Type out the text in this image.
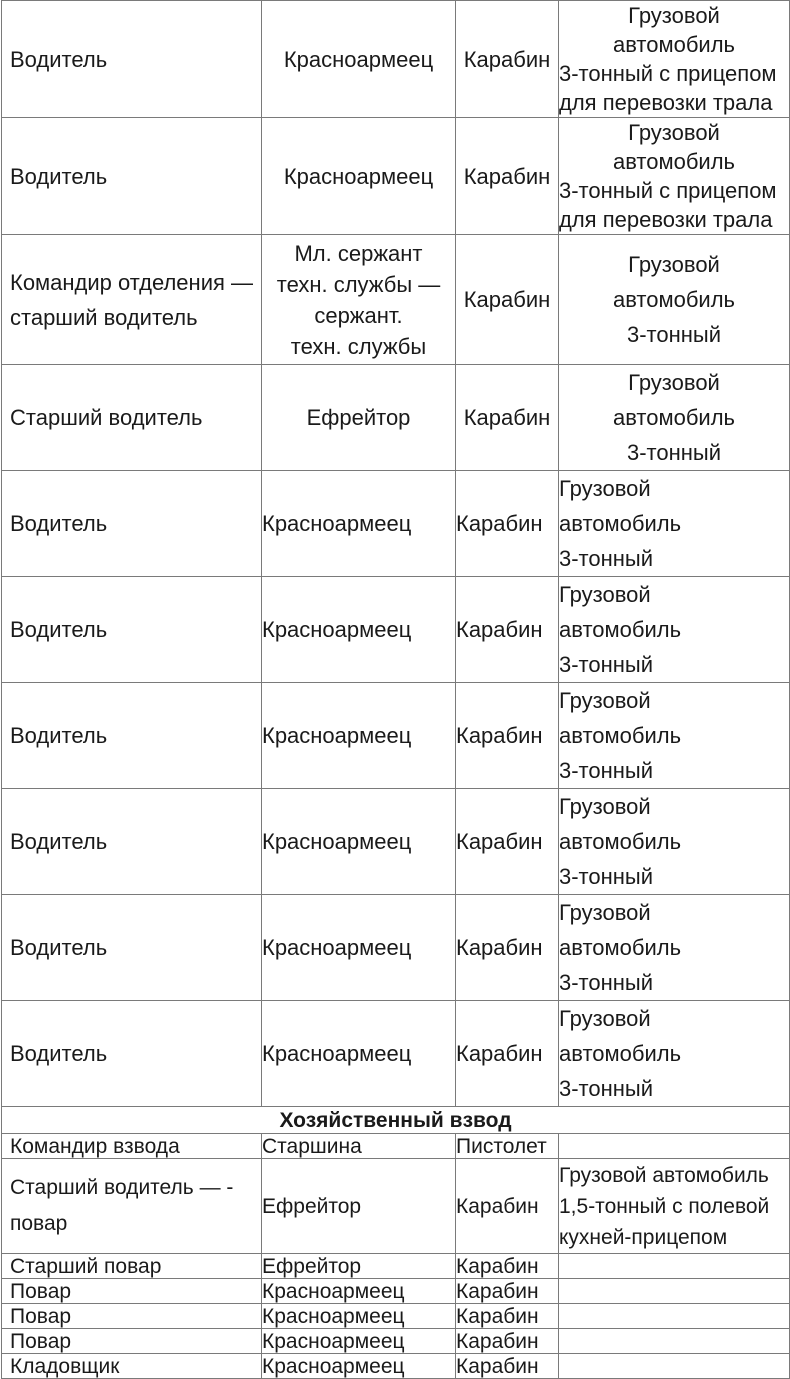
Водитель	Красноармеец	Карабин	Грузовой
автомобиль
3-тонный с прицепом
для перевозки трала

Водитель	Красноармеец	Карабин	Грузовой
автомобиль
3-тонный с прицепом
для перевозки трала

Командир отделения —
старший водитель	Мл. сержант
техн. службы —
сержант.
техн. службы	Карабин	Грузовой
автомобиль
3-тонный

Старший водитель	Ефрейтор	Карабин	Грузовой
автомобиль
3-тонный

Водитель	Красноармеец	Карабин	Грузовой
автомобиль
3-тонный

Водитель	Красноармеец	Карабин	Грузовой
автомобиль
3-тонный

Водитель	Красноармеец	Карабин	Грузовой
автомобиль
3-тонный

Водитель	Красноармеец	Карабин	Грузовой
автомобиль
3-тонный

Водитель	Красноармеец	Карабин	Грузовой
автомобиль
3-тонный

Водитель	Красноармеец	Карабин	Грузовой
автомобиль
3-тонный

Хозяйственный взвод			
Командир взвода	Старшина	Пистолет	

Старший водитель — -
повар	Ефрейтор	Карабин	Грузовой автомобиль
1,5-тонный с полевой
кухней-прицепом

Старший повар	Ефрейтор	Карабин	
Повар	Красноармеец	Карабин	
Повар	Красноармеец	Карабин	
Повар	Красноармеец	Карабин	
Кладовщик	Красноармеец	Карабин	
